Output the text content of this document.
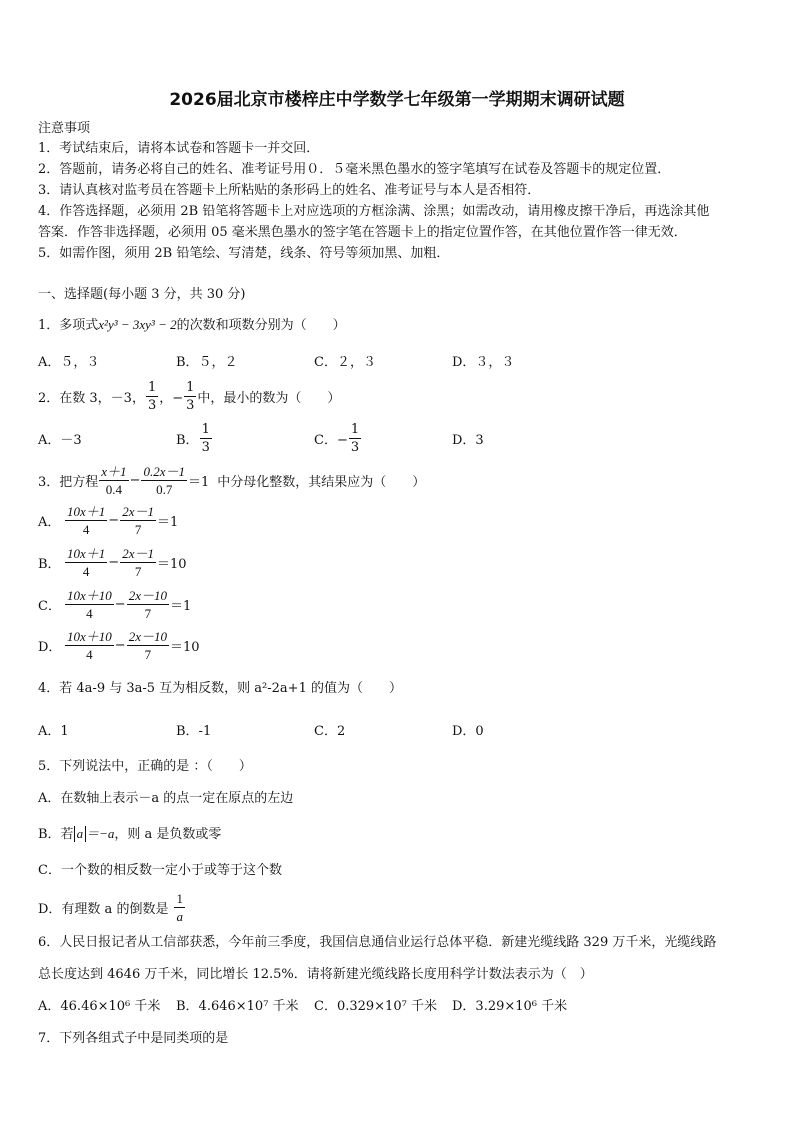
2026届北京市楼梓庄中学数学七年级第一学期期末调研试题
注意事项
1．考试结束后，请将本试卷和答题卡一并交回．
2．答题前，请务必将自己的姓名、准考证号用０．５毫米黑色墨水的签字笔填写在试卷及答题卡的规定位置．
3．请认真核对监考员在答题卡上所粘贴的条形码上的姓名、准考证号与本人是否相符．
4．作答选择题，必须用 2B 铅笔将答题卡上对应选项的方框涂满、涂黑；如需改动，请用橡皮擦干净后，再选涂其他
答案．作答非选择题，必须用 05 毫米黑色墨水的签字笔在答题卡上的指定位置作答，在其他位置作答一律无效．
5．如需作图，须用 2B 铅笔绘、写清楚，线条、符号等须加黑、加粗．
一、选择题(每小题 3 分，共 30 分)
1．多项式x²y³ − 3xy³ − 2的次数和项数分别为（　　）
A．５，３	B．５，２	C．２，３	D．３，３
2．在数 3，－3， $\frac{1}{3}$ ，− $\frac{1}{3}$ 中，最小的数为（　　）
A．－3	B． $\frac{1}{3}$	C．− $\frac{1}{3}$	D．3
3．把方程 $\frac{x+1}{0.4} - \frac{0.2x-1}{0.7} =1$ 中分母化整数，其结果应为（　　）
A． $\frac{10x+1}{4} - \frac{2x-1}{7} =1$
B． $\frac{10x+1}{4} - \frac{2x-1}{7} =10$
C． $\frac{10x+10}{4} - \frac{2x-10}{7} =1$
D． $\frac{10x+10}{4} - \frac{2x-10}{7} =10$
4．若 4a-9 与 3a-5 互为相反数，则 a²-2a+1 的值为（　　）
A．1	B．-1	C．2	D．0
5．下列说法中，正确的是 ：（　　）
A．在数轴上表示－a 的点一定在原点的左边
B．若 a ＝−a，则 a 是负数或零
C．一个数的相反数一定小于或等于这个数
D．有理数 a 的倒数是 $\frac{1}{a}$
6．人民日报记者从工信部获悉，今年前三季度，我国信息通信业运行总体平稳．新建光缆线路 329 万千米，光缆线路
总长度达到 4646 万千米，同比增长 12.5%．请将新建光缆线路长度用科学计数法表示为（　）
A．46.46×10⁶ 千米 B．4.646×10⁷ 千米 C．0.329×10⁷ 千米 D．3.29×10⁶ 千米
7．下列各组式子中是同类项的是
